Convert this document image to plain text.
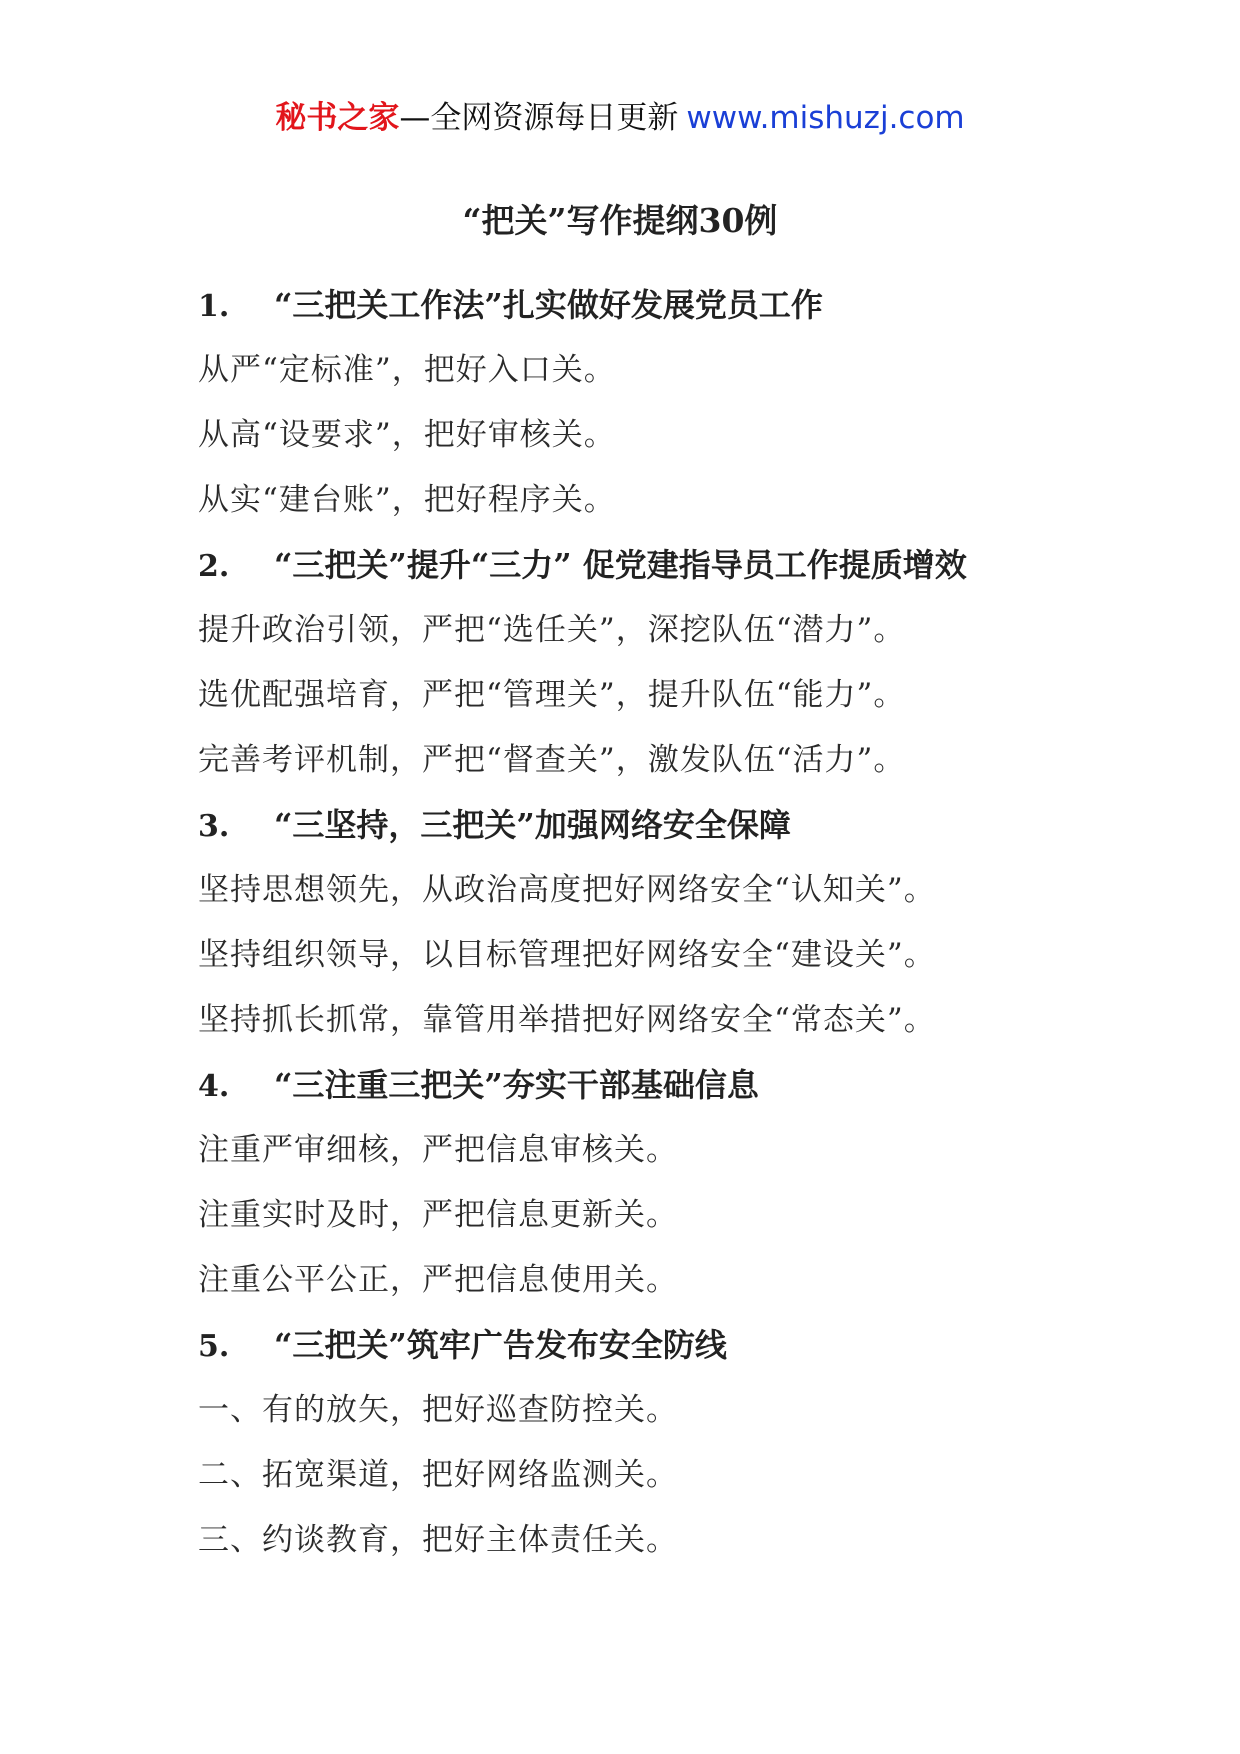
秘书之家—全网资源每日更新 www.mishuzj.com
“把关”写作提纲30例
1.	“三把关工作法”扎实做好发展党员工作
从严“定标准”，把好入口关。
从高“设要求”，把好审核关。
从实“建台账”，把好程序关。
2.	“三把关”提升“三力” 促党建指导员工作提质增效
提升政治引领，严把“选任关”，深挖队伍“潜力”。
选优配强培育，严把“管理关”，提升队伍“能力”。
完善考评机制，严把“督查关”，激发队伍“活力”。
3.	“三坚持，三把关”加强网络安全保障
坚持思想领先，从政治高度把好网络安全“认知关”。
坚持组织领导，以目标管理把好网络安全“建设关”。
坚持抓长抓常，靠管用举措把好网络安全“常态关”。
4.	“三注重三把关”夯实干部基础信息
注重严审细核，严把信息审核关。
注重实时及时，严把信息更新关。
注重公平公正，严把信息使用关。
5.	“三把关”筑牢广告发布安全防线
一、有的放矢，把好巡查防控关。
二、拓宽渠道，把好网络监测关。
三、约谈教育，把好主体责任关。
